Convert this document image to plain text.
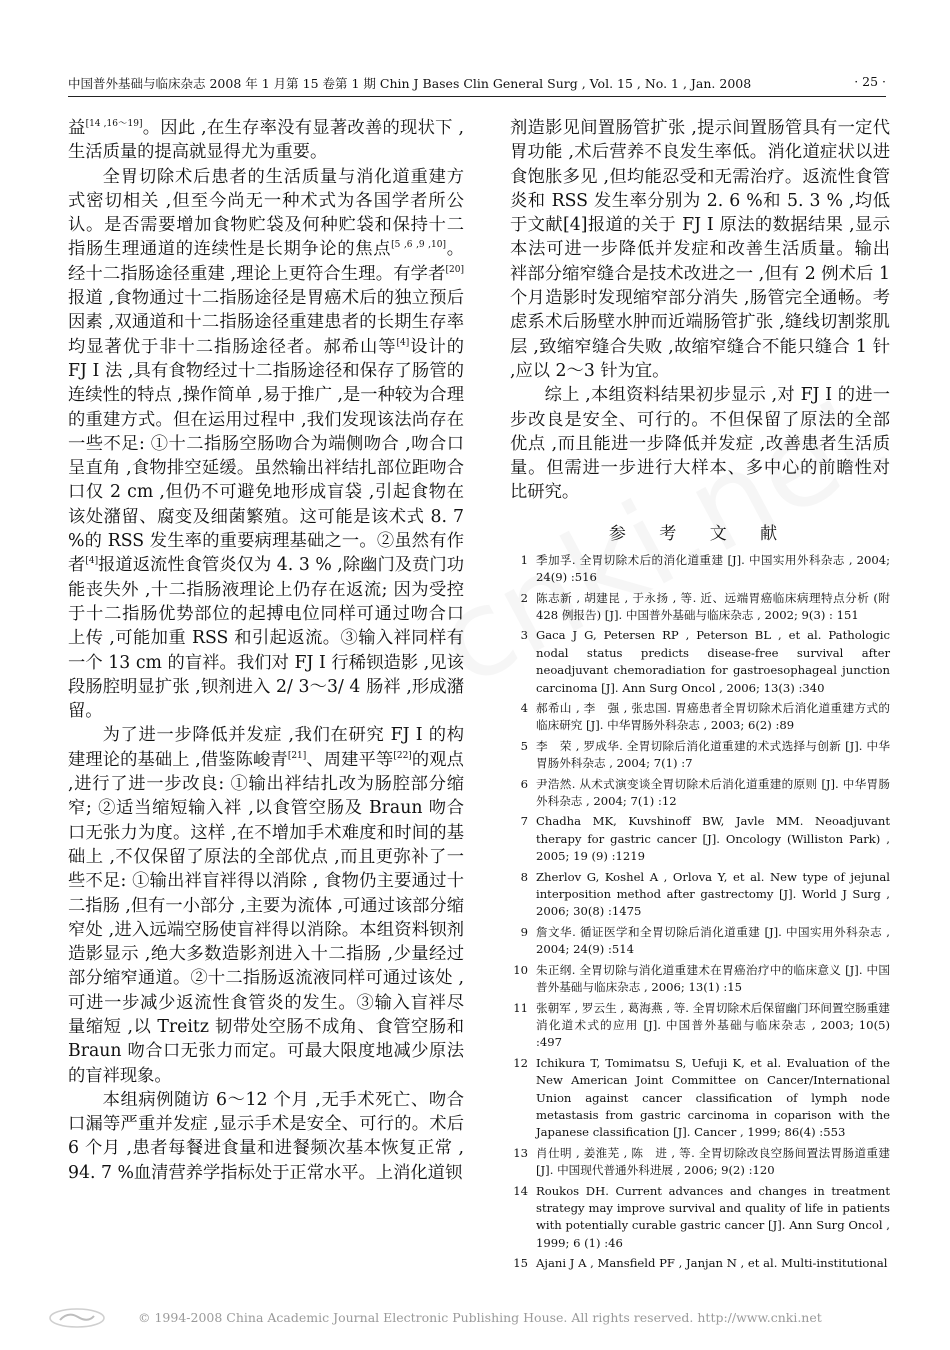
中国普外基础与临床杂志 2008 年 1 月第 15 卷第 1 期 Chin J Bases Clin General Surg , Vol. 15 , No. 1 , Jan. 2008	· 25 ·

益[14 ,16～19]。因此 ,在生存率没有显著改善的现状下 ,生活质量的提高就显得尤为重要。

全胃切除术后患者的生活质量与消化道重建方式密切相关 ,但至今尚无一种术式为各国学者所公认。是否需要增加食物贮袋及何种贮袋和保持十二指肠生理通道的连续性是长期争论的焦点[5 ,6 ,9 ,10]。经十二指肠途径重建 ,理论上更符合生理。有学者[20]报道 ,食物通过十二指肠途径是胃癌术后的独立预后因素 ,双通道和十二指肠途径重建患者的长期生存率均显著优于非十二指肠途径者。郝希山等[4]设计的 FJ I 法 ,具有食物经过十二指肠途径和保存了肠管的连续性的特点 ,操作简单 ,易于推广 ,是一种较为合理的重建方式。但在运用过程中 ,我们发现该法尚存在一些不足: ①十二指肠空肠吻合为端侧吻合 ,吻合口呈直角 ,食物排空延缓。虽然输出袢结扎部位距吻合口仅 2 cm ,但仍不可避免地形成盲袋 ,引起食物在该处潴留、腐变及细菌繁殖。这可能是该术式 8. 7 %的 RSS 发生率的重要病理基础之一。②虽然有作者[4]报道返流性食管炎仅为 4. 3 % ,除幽门及贲门功能丧失外 ,十二指肠液理论上仍存在返流; 因为受控于十二指肠优势部位的起搏电位同样可通过吻合口上传 ,可能加重 RSS 和引起返流。③输入袢同样有一个 13 cm 的盲袢。我们对 FJ I 行稀钡造影 ,见该段肠腔明显扩张 ,钡剂进入 2/ 3～3/ 4 肠袢 ,形成潴留。

为了进一步降低并发症 ,我们在研究 FJ I 的构建理论的基础上 ,借鉴陈峻青[21]、周建平等[22]的观点 ,进行了进一步改良: ①输出袢结扎改为肠腔部分缩窄; ②适当缩短输入袢 ,以食管空肠及 Braun 吻合口无张力为度。这样 ,在不增加手术难度和时间的基础上 ,不仅保留了原法的全部优点 ,而且更弥补了一些不足: ①输出袢盲袢得以消除 , 食物仍主要通过十二指肠 ,但有一小部分 ,主要为流体 ,可通过该部分缩窄处 ,进入远端空肠使盲袢得以消除。本组资料钡剂造影显示 ,绝大多数造影剂进入十二指肠 ,少量经过部分缩窄通道。②十二指肠返流液同样可通过该处 ,可进一步减少返流性食管炎的发生。③输入盲袢尽量缩短 ,以 Treitz 韧带处空肠不成角、食管空肠和 Braun 吻合口无张力而定。可最大限度地减少原法的盲袢现象。

本组病例随访 6～12 个月 ,无手术死亡、吻合口漏等严重并发症 ,显示手术是安全、可行的。术后 6 个月 ,患者每餐进食量和进餐频次基本恢复正常 , 94. 7 %血清营养学指标处于正常水平。上消化道钡

剂造影见间置肠管扩张 ,提示间置肠管具有一定代胃功能 ,术后营养不良发生率低。消化道症状以进食饱胀多见 ,但均能忍受和无需治疗。返流性食管炎和 RSS 发生率分别为 2. 6 %和 5. 3 % ,均低于文献[4]报道的关于 FJ I 原法的数据结果 ,显示本法可进一步降低并发症和改善生活质量。输出袢部分缩窄缝合是技术改进之一 ,但有 2 例术后 1 个月造影时发现缩窄部分消失 ,肠管完全通畅。考虑系术后肠壁水肿而近端肠管扩张 ,缝线切割浆肌层 ,致缩窄缝合失败 ,故缩窄缝合不能只缝合 1 针 ,应以 2～3 针为宜。

综上 ,本组资料结果初步显示 ,对 FJ I 的进一步改良是安全、可行的。不但保留了原法的全部优点 ,而且能进一步降低并发症 ,改善患者生活质量。但需进一步进行大样本、多中心的前瞻性对比研究。

参 考 文 献
1 季加孚. 全胃切除术后的消化道重建 [J]. 中国实用外科杂志 , 2004; 24(9) :516
2 陈志新 , 胡建昆 , 于永扬 , 等. 近、远端胃癌临床病理特点分析 (附 428 例报告) [J]. 中国普外基础与临床杂志 , 2002; 9(3) : 151
3 Gaca J G, Petersen RP , Peterson BL , et al. Pathologic nodal status predicts disease-free survival after neoadjuvant chemoradiation for gastroesophageal junction carcinoma [J]. Ann Surg Oncol , 2006; 13(3) :340
4 郝希山 , 李　强 , 张忠国. 胃癌患者全胃切除术后消化道重建方式的临床研究 [J]. 中华胃肠外科杂志 , 2003; 6(2) :89
5 李　荣 , 罗成华. 全胃切除后消化道重建的术式选择与创新 [J]. 中华胃肠外科杂志 , 2004; 7(1) :7
6 尹浩然. 从术式演变谈全胃切除术后消化道重建的原则 [J]. 中华胃肠外科杂志 , 2004; 7(1) :12
7 Chadha MK, Kuvshinoff BW, Javle MM. Neoadjuvant therapy for gastric cancer [J]. Oncology (Williston Park) , 2005; 19 (9) :1219
8 Zherlov G, Koshel A , Orlova Y, et al. New type of jejunal interposition method after gastrectomy [J]. World J Surg , 2006; 30(8) :1475
9 詹文华. 循证医学和全胃切除后消化道重建 [J]. 中国实用外科杂志 , 2004; 24(9) :514
10 朱正纲. 全胃切除与消化道重建术在胃癌治疗中的临床意义 [J]. 中国普外基础与临床杂志 , 2006; 13(1) :15
11 张朝军 , 罗云生 , 葛海燕 , 等. 全胃切除术后保留幽门环间置空肠重建消化道术式的应用 [J]. 中国普外基础与临床杂志 , 2003; 10(5) :497
12 Ichikura T, Tomimatsu S, Uefuji K, et al. Evaluation of the New American Joint Committee on Cancer/International Union against cancer classification of lymph node metastasis from gastric carcinoma in coparison with the Japanese classification [J]. Cancer , 1999; 86(4) :553
13 肖仕明 , 姜淮芜 , 陈　进 , 等. 全胃切除改良空肠间置法胃肠道重建 [J]. 中国现代普通外科进展 , 2006; 9(2) :120
14 Roukos DH. Current advances and changes in treatment strategy may improve survival and quality of life in patients with potentially curable gastric cancer [J]. Ann Surg Oncol , 1999; 6 (1) :46
15 Ajani J A , Mansfield PF , Janjan N , et al. Multi-institutional
© 1994-2008 China Academic Journal Electronic Publishing House. All rights reserved. http://www.cnki.net
